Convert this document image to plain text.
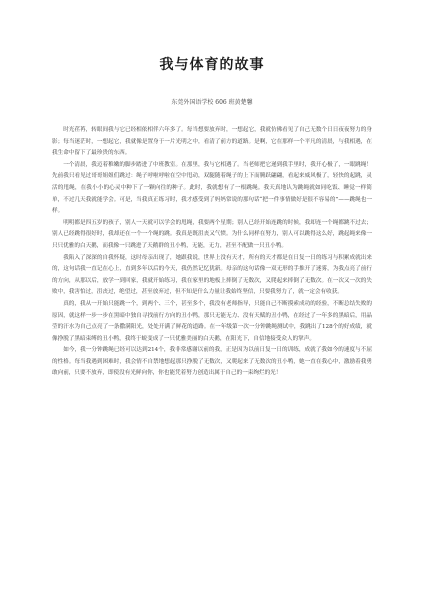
我与体育的故事
东莞外国语学校 606 班黄楚馨

时光荏苒，转眼间我与它已经相依相伴六年多了。每当想要放弃时，一想起它，我就仿佛看见了自己无数个日日夜夜努力的身影；每当迷茫时，一想起它，我就像是置身于一片光明之中，看清了前方的道路。是啊，它在那样一个平凡的清晨，与我相遇，在我生命中留下了最珍贵的东西。

一个清晨，我迈着稚嫩的脚步踏进了中班教室。在那里，我与它相遇了。当老师把它递到我手里时，我开心极了，一眼跳绳！先前我只看见过哥哥姐姐们跳过：绳子呼啦呼啦在空中甩动，双腿随着绳子的上下而腾跃翩翩，看起来威风极了，轻快的起跳，灵活的甩绳，在我小小的心灵中种下了一颗向往的种子。此时，我就想有了一根跳绳。我天真地认为跳绳就如同吃饭、睡觉一样简单，不过几天我就能学会。可是，当我真正练习时，我才感受到了妈妈常说的那句话“把一件事情做好是很不容易的”——跳绳也一样。

明明都是四五岁的孩子，别人一天就可以学会的甩绳，我要两个星期；别人已经开始连跳的时候，我却连一个绳都跳不过去；别人已经跳得很好时，我却还在一个一个绳的跳。我真是既沮丧又气愤。为什么同样在努力，别人可以跳得这么好，跳起绳来像一只只优雅的白天鹅，而我像一只跳进了天鹅群的丑小鸭，无能，无力，甚至不配做一只丑小鸭。

我陷入了深深的自我怀疑，这时母亲出现了，她跟我说，世界上没有天才，所有的天才都是在日复一日的练习与积累成就出来的，这句话我一直记在心上，直到多年以后的今天，我仍然记忆犹新。母亲的这句话像一双无形的手推开了迷雾，为我点亮了前行的方向，从那以后，放学一到回家，我就开始练习，我在家里的地板上摔倒了无数次，又爬起来摔倒了无数次。在一次又一次的失败中，我害怕过，沮丧过，绝望过，甚至放弃过，但不知是什么力量让我始终坚信，只要我努力了，就一定会有收获。

真的，我从一开始只能跳一个，到两个、三个，甚至多个，我没有老师指导，只能自己不断摸索成功的经验，不断总结失败的原因，就这样一步一步在黑暗中独自寻找前行方向的丑小鸭，那只无能无力、没有天赋的丑小鸭，在经过了一年多的黑暗后，用晶莹的汗水为自己点亮了一条撒满阳光，处处开满了鲜花的道路。在一年级第一次一分钟跳绳测试中，我跳出了128个的好成绩，就像挣脱了黑暗束缚的丑小鸭，我终于蜕变成了一只优雅美丽的白天鹅，在阳光下，自信地接受众人的掌声。

如今，我一分钟跳绳已经可以达到214个，我非常感谢以前的我，正是因为以前日复一日的训练，成就了我如今的速度与不屈的性格。每当我遇到困难时，我会情不自禁地想起那只挣脱了无数次，又爬起来了无数次的丑小鸭，她一直在我心中，激励着我勇敢向前，只要不放弃，即使没有光鲜向你，你也能凭着努力创造出属于自己的一束绚烂的光！
